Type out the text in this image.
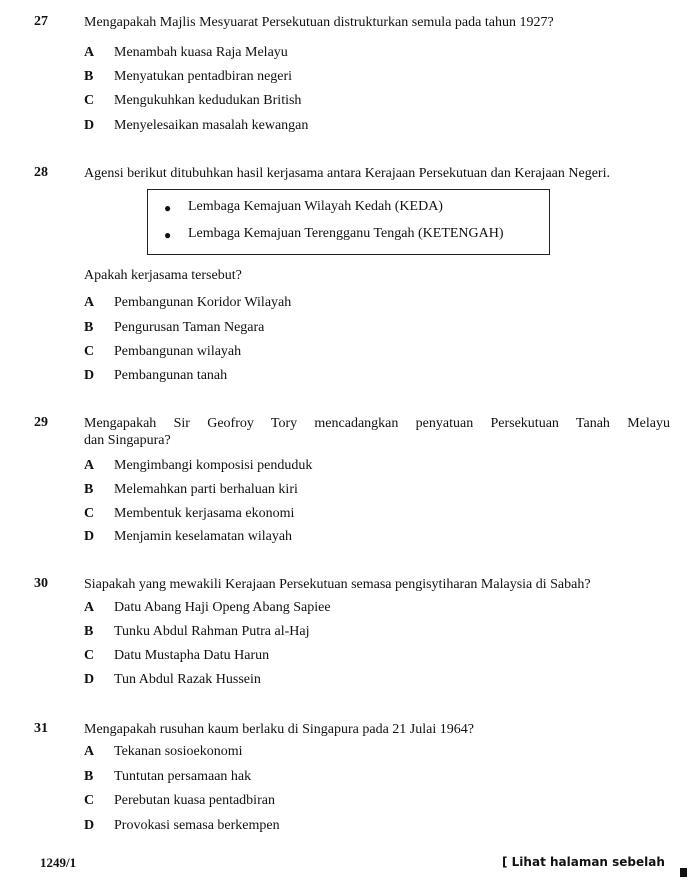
27	Mengapakah Majlis Mesyuarat Persekutuan distrukturkan semula pada tahun 1927?
A Menambah kuasa Raja Melayu
B Menyatukan pentadbiran negeri
C Mengukuhkan kedudukan British
D Menyelesaikan masalah kewangan
28	Agensi berikut ditubuhkan hasil kerjasama antara Kerajaan Persekutuan dan Kerajaan Negeri.
● Lembaga Kemajuan Wilayah Kedah (KEDA)
● Lembaga Kemajuan Terengganu Tengah (KETENGAH)
Apakah kerjasama tersebut?
A Pembangunan Koridor Wilayah
B Pengurusan Taman Negara
C Pembangunan wilayah
D Pembangunan tanah
29	Mengapakah Sir Geofroy Tory mencadangkan penyatuan Persekutuan Tanah Melayu
dan Singapura?
A Mengimbangi komposisi penduduk
B Melemahkan parti berhaluan kiri
C Membentuk kerjasama ekonomi
D Menjamin keselamatan wilayah
30	Siapakah yang mewakili Kerajaan Persekutuan semasa pengisytiharan Malaysia di Sabah?
A Datu Abang Haji Openg Abang Sapiee
B Tunku Abdul Rahman Putra al-Haj
C Datu Mustapha Datu Harun
D Tun Abdul Razak Hussein
31	Mengapakah rusuhan kaum berlaku di Singapura pada 21 Julai 1964?
A Tekanan sosioekonomi
B Tuntutan persamaan hak
C Perebutan kuasa pentadbiran
D Provokasi semasa berkempen
1249/1	[ Lihat halaman sebelah
